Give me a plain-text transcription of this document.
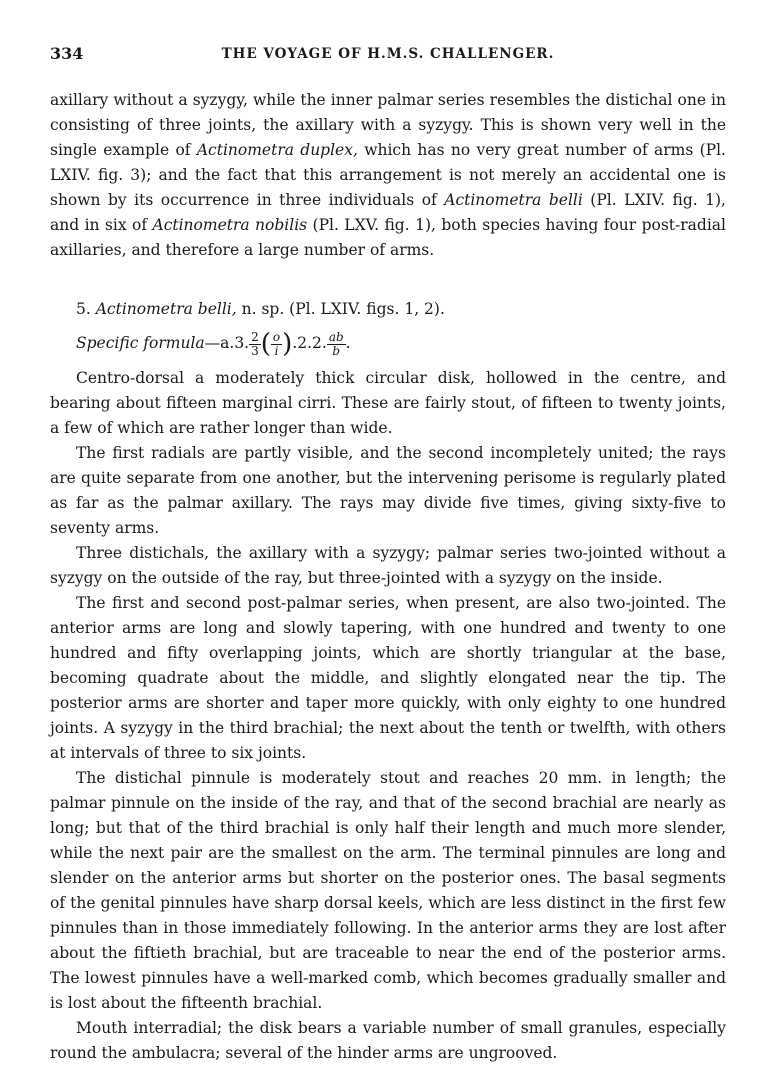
334	THE VOYAGE OF H.M.S. CHALLENGER.

axillary without a syzygy, while the inner palmar series resembles the distichal one in consisting of three joints, the axillary with a syzygy. This is shown very well in the single example of Actinometra duplex, which has no very great number of arms (Pl. LXIV. fig. 3); and the fact that this arrangement is not merely an accidental one is shown by its occurrence in three individuals of Actinometra belli (Pl. LXIV. fig. 1), and in six of Actinometra nobilis (Pl. LXV. fig. 1), both species having four post-radial axillaries, and therefore a large number of arms.

5. Actinometra belli, n. sp. (Pl. LXIV. figs. 1, 2).

Specific formula—a.3. $\frac{2}{3}$ ( $\frac{o}{i} ).2.2$. $\frac{ab}{b}$ .

Centro-dorsal a moderately thick circular disk, hollowed in the centre, and bearing about fifteen marginal cirri. These are fairly stout, of fifteen to twenty joints, a few of which are rather longer than wide.

The first radials are partly visible, and the second incompletely united; the rays are quite separate from one another, but the intervening perisome is regularly plated as far as the palmar axillary. The rays may divide five times, giving sixty-five to seventy arms.

Three distichals, the axillary with a syzygy; palmar series two-jointed without a syzygy on the outside of the ray, but three-jointed with a syzygy on the inside.

The first and second post-palmar series, when present, are also two-jointed. The anterior arms are long and slowly tapering, with one hundred and twenty to one hundred and fifty overlapping joints, which are shortly triangular at the base, becoming quadrate about the middle, and slightly elongated near the tip. The posterior arms are shorter and taper more quickly, with only eighty to one hundred joints. A syzygy in the third brachial; the next about the tenth or twelfth, with others at intervals of three to six joints.

The distichal pinnule is moderately stout and reaches 20 mm. in length; the palmar pinnule on the inside of the ray, and that of the second brachial are nearly as long; but that of the third brachial is only half their length and much more slender, while the next pair are the smallest on the arm. The terminal pinnules are long and slender on the anterior arms but shorter on the posterior ones. The basal segments of the genital pinnules have sharp dorsal keels, which are less distinct in the first few pinnules than in those immediately following. In the anterior arms they are lost after about the fiftieth brachial, but are traceable to near the end of the posterior arms. The lowest pinnules have a well-marked comb, which becomes gradually smaller and is lost about the fifteenth brachial.

Mouth interradial; the disk bears a variable number of small granules, especially round the ambulacra; several of the hinder arms are ungrooved.
